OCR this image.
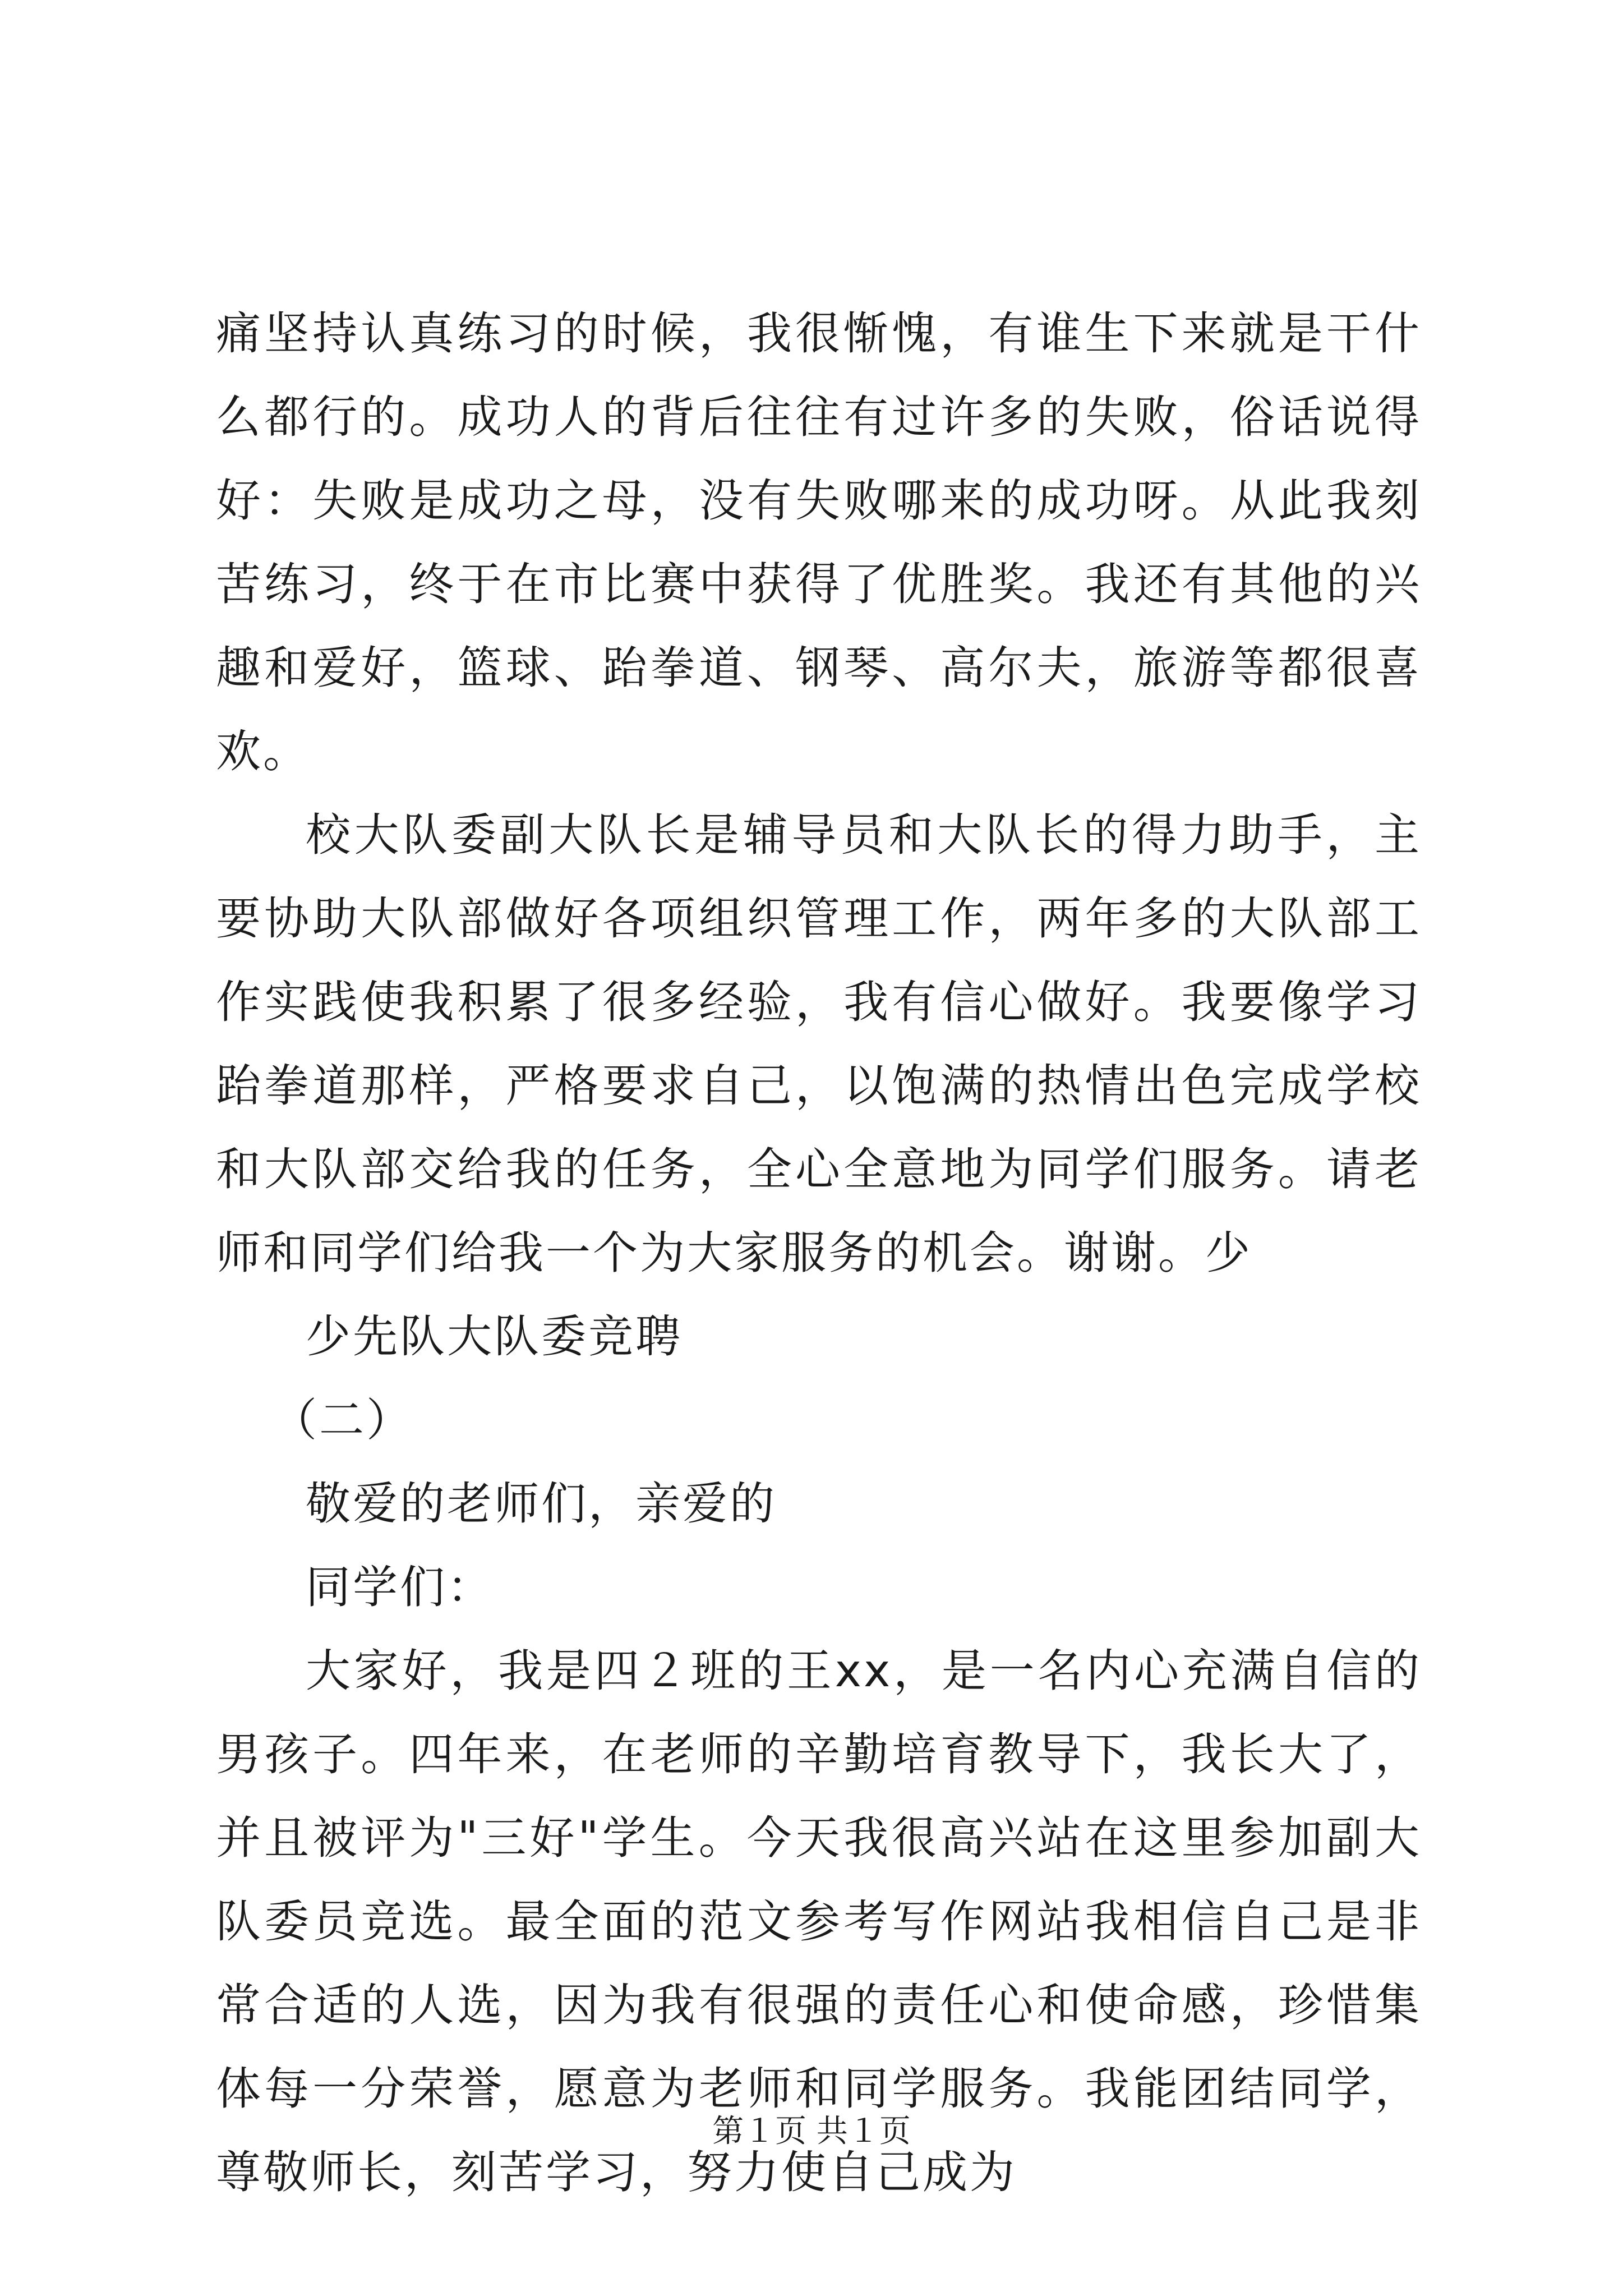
痛坚持认真练习的时候，我很惭愧，有谁生下来就是干什么都行的。成功人的背后往往有过许多的失败，俗话说得好：失败是成功之母，没有失败哪来的成功呀。从此我刻苦练习，终于在市比赛中获得了优胜奖。我还有其他的兴趣和爱好，篮球、跆拳道、钢琴、高尔夫，旅游等都很喜欢。

校大队委副大队长是辅导员和大队长的得力助手，主要协助大队部做好各项组织管理工作，两年多的大队部工作实践使我积累了很多经验，我有信心做好。我要像学习跆拳道那样，严格要求自己，以饱满的热情出色完成学校和大队部交给我的任务，全心全意地为同学们服务。请老师和同学们给我一个为大家服务的机会。谢谢。少

少先队大队委竞聘

（二）

敬爱的老师们，亲爱的

同学们：

大家好，我是四２班的王xx，是一名内心充满自信的男孩子。四年来，在老师的辛勤培育教导下，我长大了，并且被评为"三好"学生。今天我很高兴站在这里参加副大队委员竞选。最全面的范文参考写作网站我相信自己是非常合适的人选，因为我有很强的责任心和使命感，珍惜集体每一分荣誉，愿意为老师和同学服务。我能团结同学，尊敬师长，刻苦学习，努力使自己成为

第１页 共１页
